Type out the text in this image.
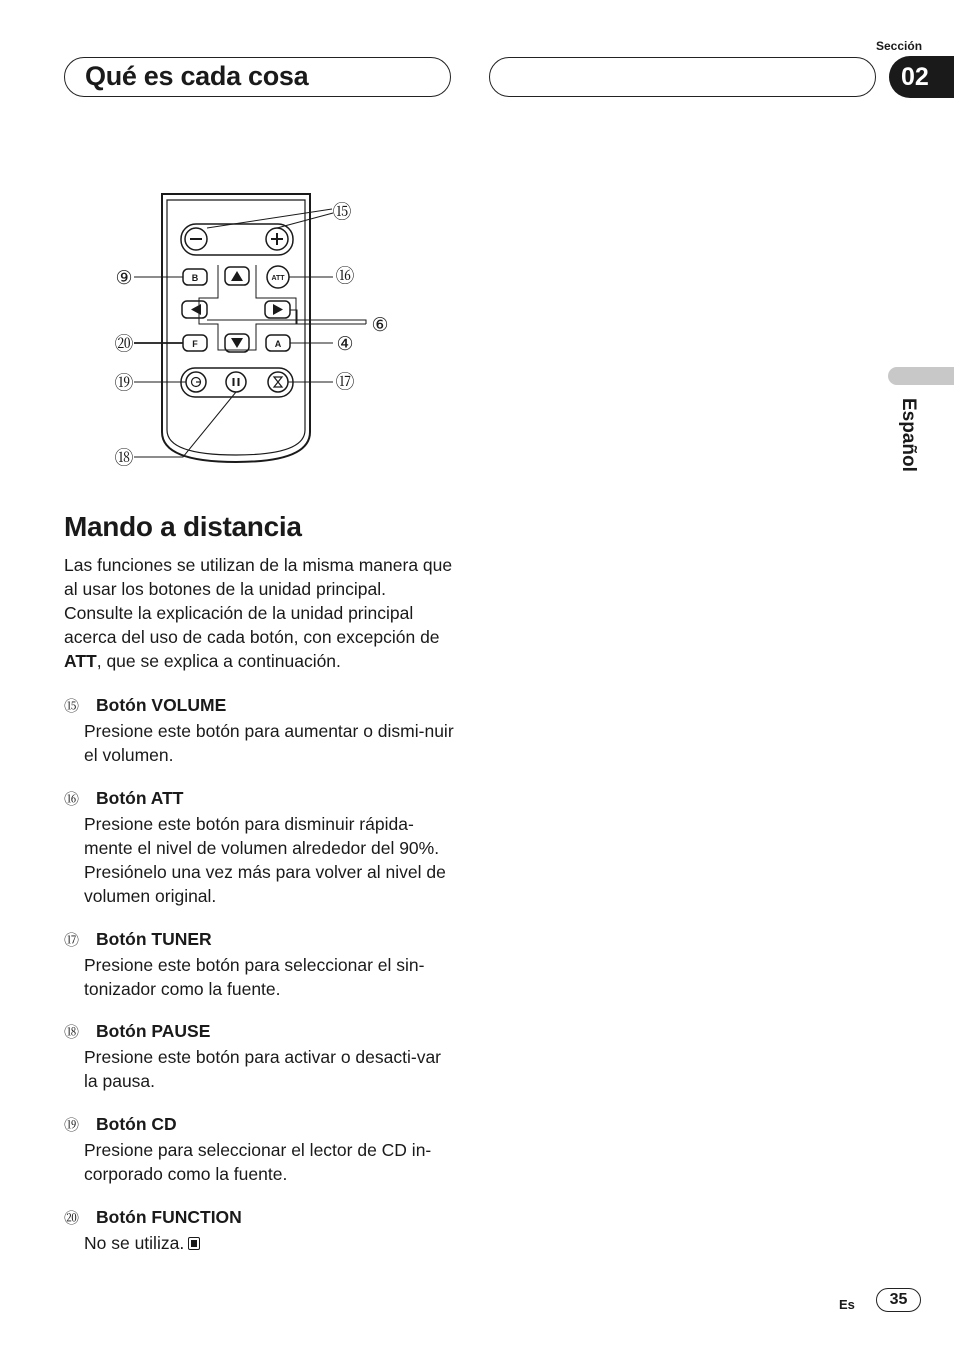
Qué es cada cosa
Sección
02
Español
B	ATT
F	A
⑮
⑨	⑯
⑥
⑳	④
⑲	⑰
⑱
Mando a distancia

Las funciones se utilizan de la misma manera que al usar los botones de la unidad principal. Consulte la explicación de la unidad principal acerca del uso de cada botón, con excepción de ATT, que se explica a continuación.

⑮ Botón VOLUME
Presione este botón para aumentar o dismi-nuir el volumen.
⑯ Botón ATT
Presione este botón para disminuir rápida-mente el nivel de volumen alrededor del 90%. Presiónelo una vez más para volver al nivel de volumen original.
⑰ Botón TUNER
Presione este botón para seleccionar el sin-tonizador como la fuente.
⑱ Botón PAUSE
Presione este botón para activar o desacti-var la pausa.
⑲ Botón CD
Presione para seleccionar el lector de CD in-corporado como la fuente.
⑳ Botón FUNCTION
No se utiliza.
Es	35
